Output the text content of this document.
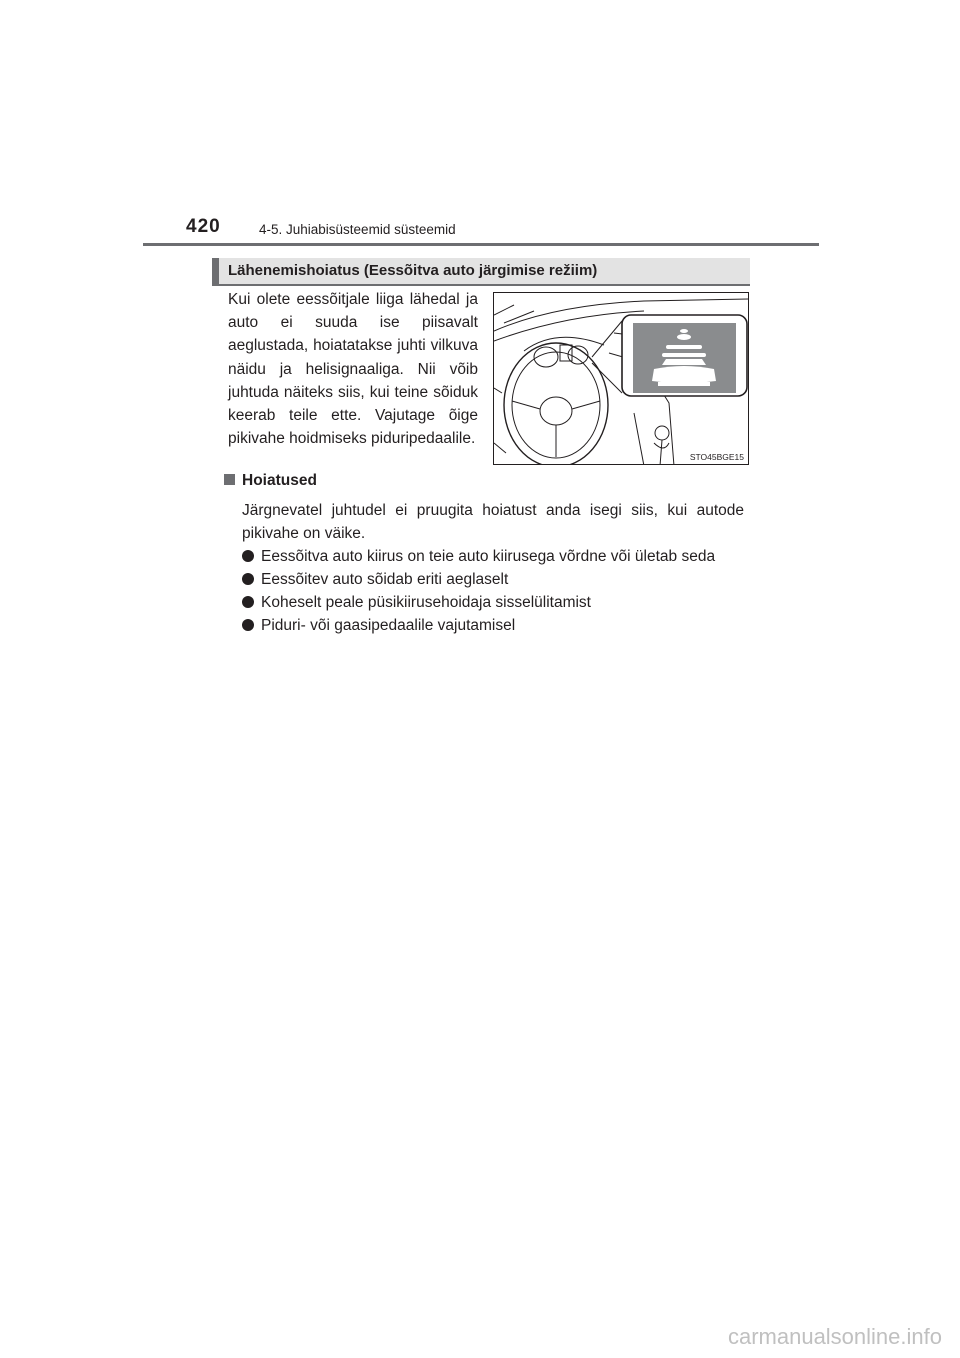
420	4-5. Juhiabisüsteemid süsteemid
Lähenemishoiatus (Eessõitva auto järgimise režiim)
Kui olete eessõitjale liiga lähedal ja auto ei suuda ise piisavalt aeglustada, hoiatatakse juhti vilkuva näidu ja helisignaaliga. Nii võib juhtuda näiteks siis, kui teine sõiduk keerab teile ette. Vajutage õige pikivahe hoidmiseks piduripedaalile.
STO45BGE15
Hoiatused
Järgnevatel juhtudel ei pruugita hoiatust anda isegi siis, kui autode pikivahe on väike.
Eessõitva auto kiirus on teie auto kiirusega võrdne või ületab seda
Eessõitev auto sõidab eriti aeglaselt
Koheselt peale püsikiirusehoidaja sisselülitamist
Piduri- või gaasipedaalile vajutamisel
carmanualsonline.info
